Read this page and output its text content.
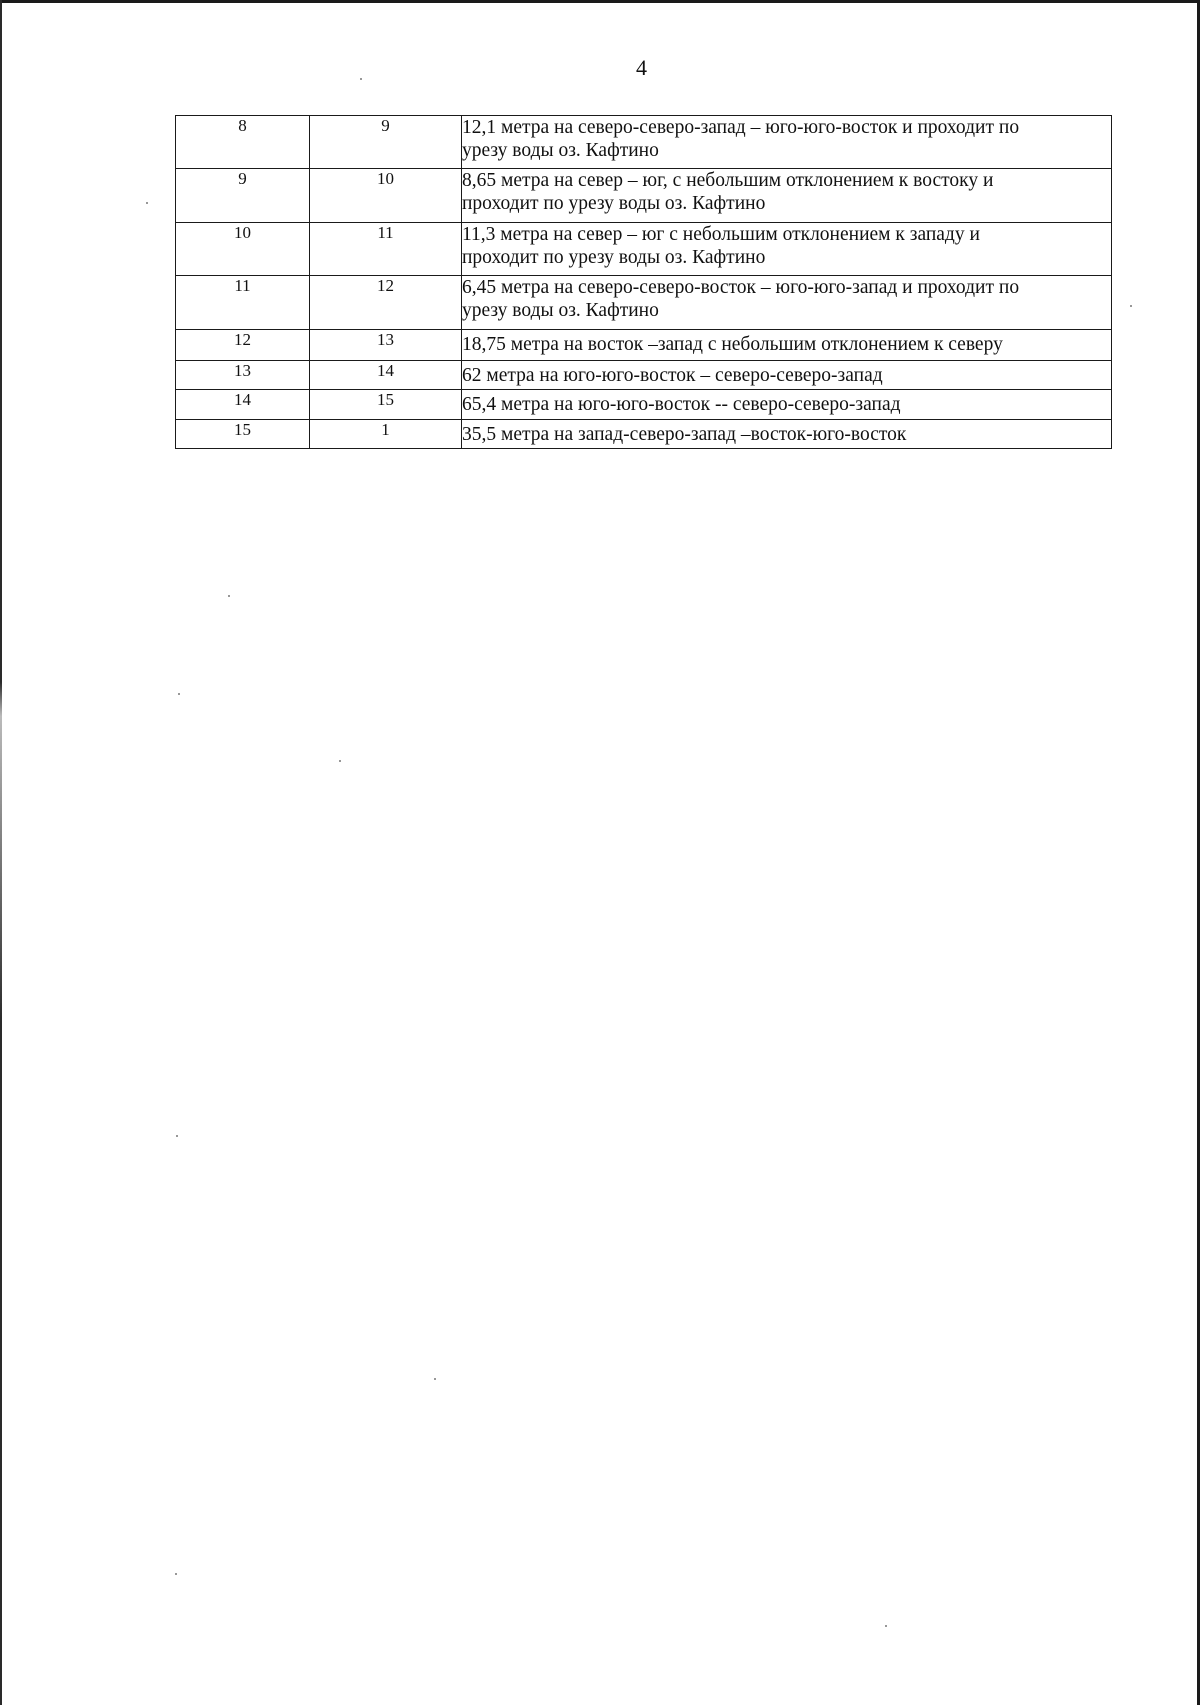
4
8	9	12,1 метра на северо-северо-запад – юго-юго-восток и проходит по
урезу воды оз. Кафтино

9	10	8,65 метра на север – юг, с небольшим отклонением к востоку и
проходит по урезу воды оз. Кафтино

10	11	11,3 метра на север – юг с небольшим отклонением к западу и
проходит по урезу воды оз. Кафтино

11	12	6,45 метра на северо-северо-восток – юго-юго-запад и проходит по
урезу воды оз. Кафтино

12	13	18,75 метра на восток –запад с небольшим отклонением к северу

13	14	62 метра на юго-юго-восток – северо-северо-запад

14	15	65,4 метра на юго-юго-восток -- северо-северо-запад

15	1	35,5 метра на запад-северо-запад –восток-юго-восток
